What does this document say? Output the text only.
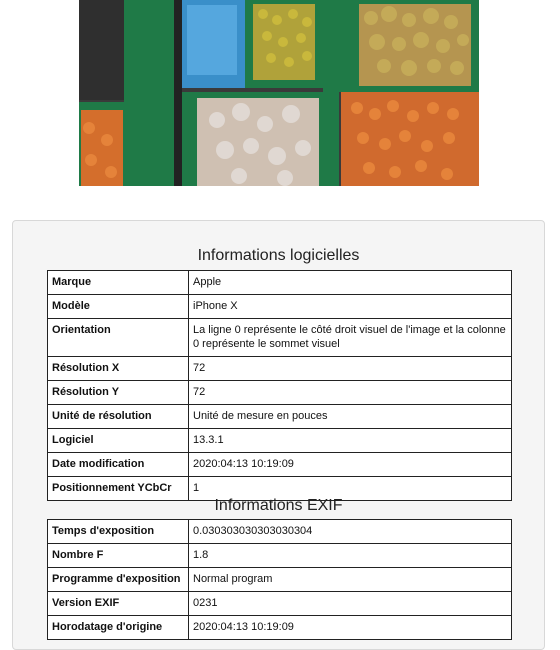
Informations logicielles
Marque	Apple
Modèle	iPhone X
Orientation	La ligne 0 représente le côté droit visuel de l'image et la colonne 0 représente le sommet visuel
Résolution X	72
Résolution Y	72
Unité de résolution	Unité de mesure en pouces
Logiciel	13.3.1
Date modification	2020:04:13 10:19:09
Positionnement YCbCr	1
Informations EXIF
Temps d'exposition	0.030303030303030304
Nombre F	1.8
Programme d'exposition	Normal program
Version EXIF	0231
Horodatage d'origine	2020:04:13 10:19:09
